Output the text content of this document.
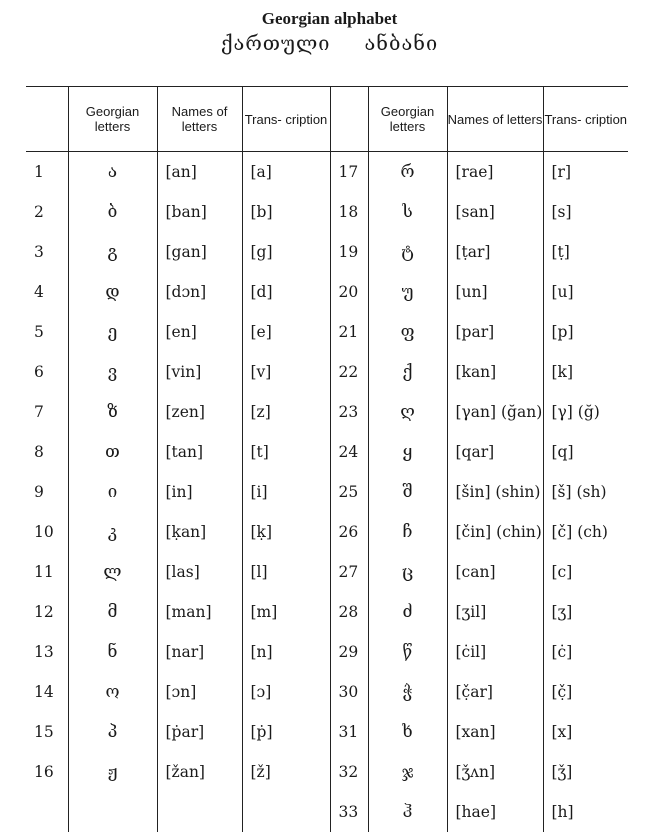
Georgian alphabet
ქართული ანბანი
	Georgian letters	Names of letters	Trans- cription		Georgian letters	Names of letters	Trans- cription
1	ა	[an]	[a]	17	რ	[rae]	[r]
2	ბ	[ban]	[b]	18	ს	[san]	[s]
3	გ	[gan]	[g]	19	ტ	[ṭar]	[ṭ]
4	დ	[dɔn]	[d]	20	უ	[un]	[u]
5	ე	[en]	[e]	21	ფ	[par]	[p]
6	ვ	[vin]	[v]	22	ქ	[kan]	[k]
7	ზ	[zen]	[z]	23	ღ	[γan] (ğan)	[γ] (ğ)
8	თ	[tan]	[t]	24	ყ	[qar]	[q]
9	ი	[in]	[i]	25	შ	[šin] (shin)	[š] (sh)
10	კ	[ḳan]	[ḳ]	26	ჩ	[čin] (chin)	[č] (ch)
11	ლ	[las]	[l]	27	ც	[can]	[c]
12	მ	[man]	[m]	28	ძ	[ʒil]	[ʒ]
13	ნ	[nar]	[n]	29	წ	[ċil]	[ċ]
14	ო	[ɔn]	[ɔ]	30	ჭ	[č̣ar]	[č̣]
15	პ	[ṗar]	[ṗ]	31	ხ	[xan]	[x]
16	ჟ	[žan]	[ž]	32	ჯ	[ǯʌn]	[ǯ]
				33	ჰ	[hae]	[h]
